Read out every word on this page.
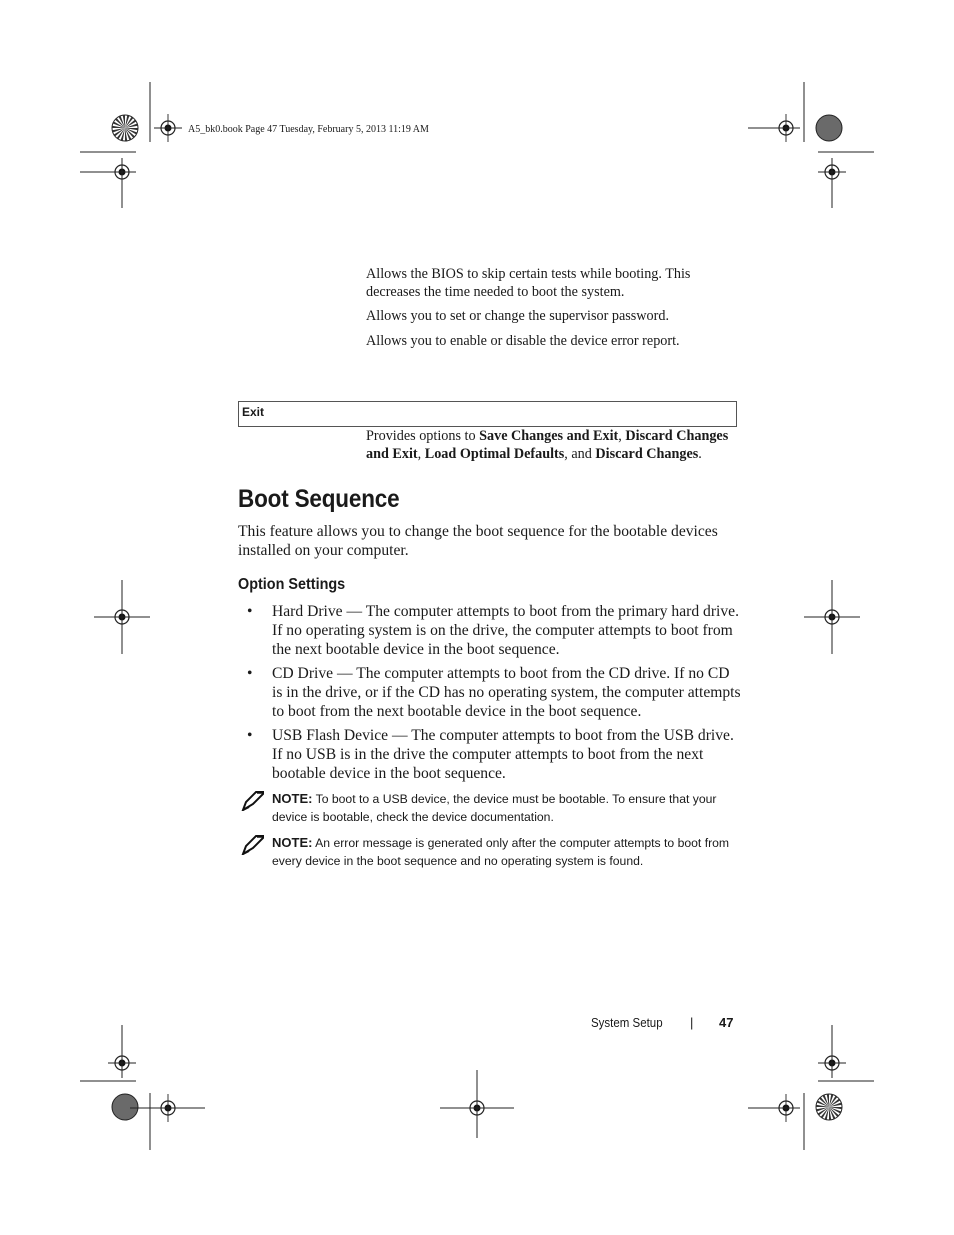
A5_bk0.book Page 47 Tuesday, February 5, 2013 11:19 AM
Allows the BIOS to skip certain tests while booting. This decreases the time needed to boot the system.
Allows you to set or change the supervisor password.
Allows you to enable or disable the device error report.
Exit
Provides options to Save Changes and Exit, Discard Changes and Exit, Load Optimal Defaults, and Discard Changes.
Boot Sequence
This feature allows you to change the boot sequence for the bootable devices installed on your computer.
Option Settings
• Hard Drive — The computer attempts to boot from the primary hard drive. If no operating system is on the drive, the computer attempts to boot from the next bootable device in the boot sequence.
• CD Drive — The computer attempts to boot from the CD drive. If no CD is in the drive, or if the CD has no operating system, the computer attempts to boot from the next bootable device in the boot sequence.
• USB Flash Device — The computer attempts to boot from the USB drive. If no USB is in the drive the computer attempts to boot from the next bootable device in the boot sequence.
NOTE: To boot to a USB device, the device must be bootable. To ensure that your device is bootable, check the device documentation.
NOTE: An error message is generated only after the computer attempts to boot from every device in the boot sequence and no operating system is found.
System Setup | 47
